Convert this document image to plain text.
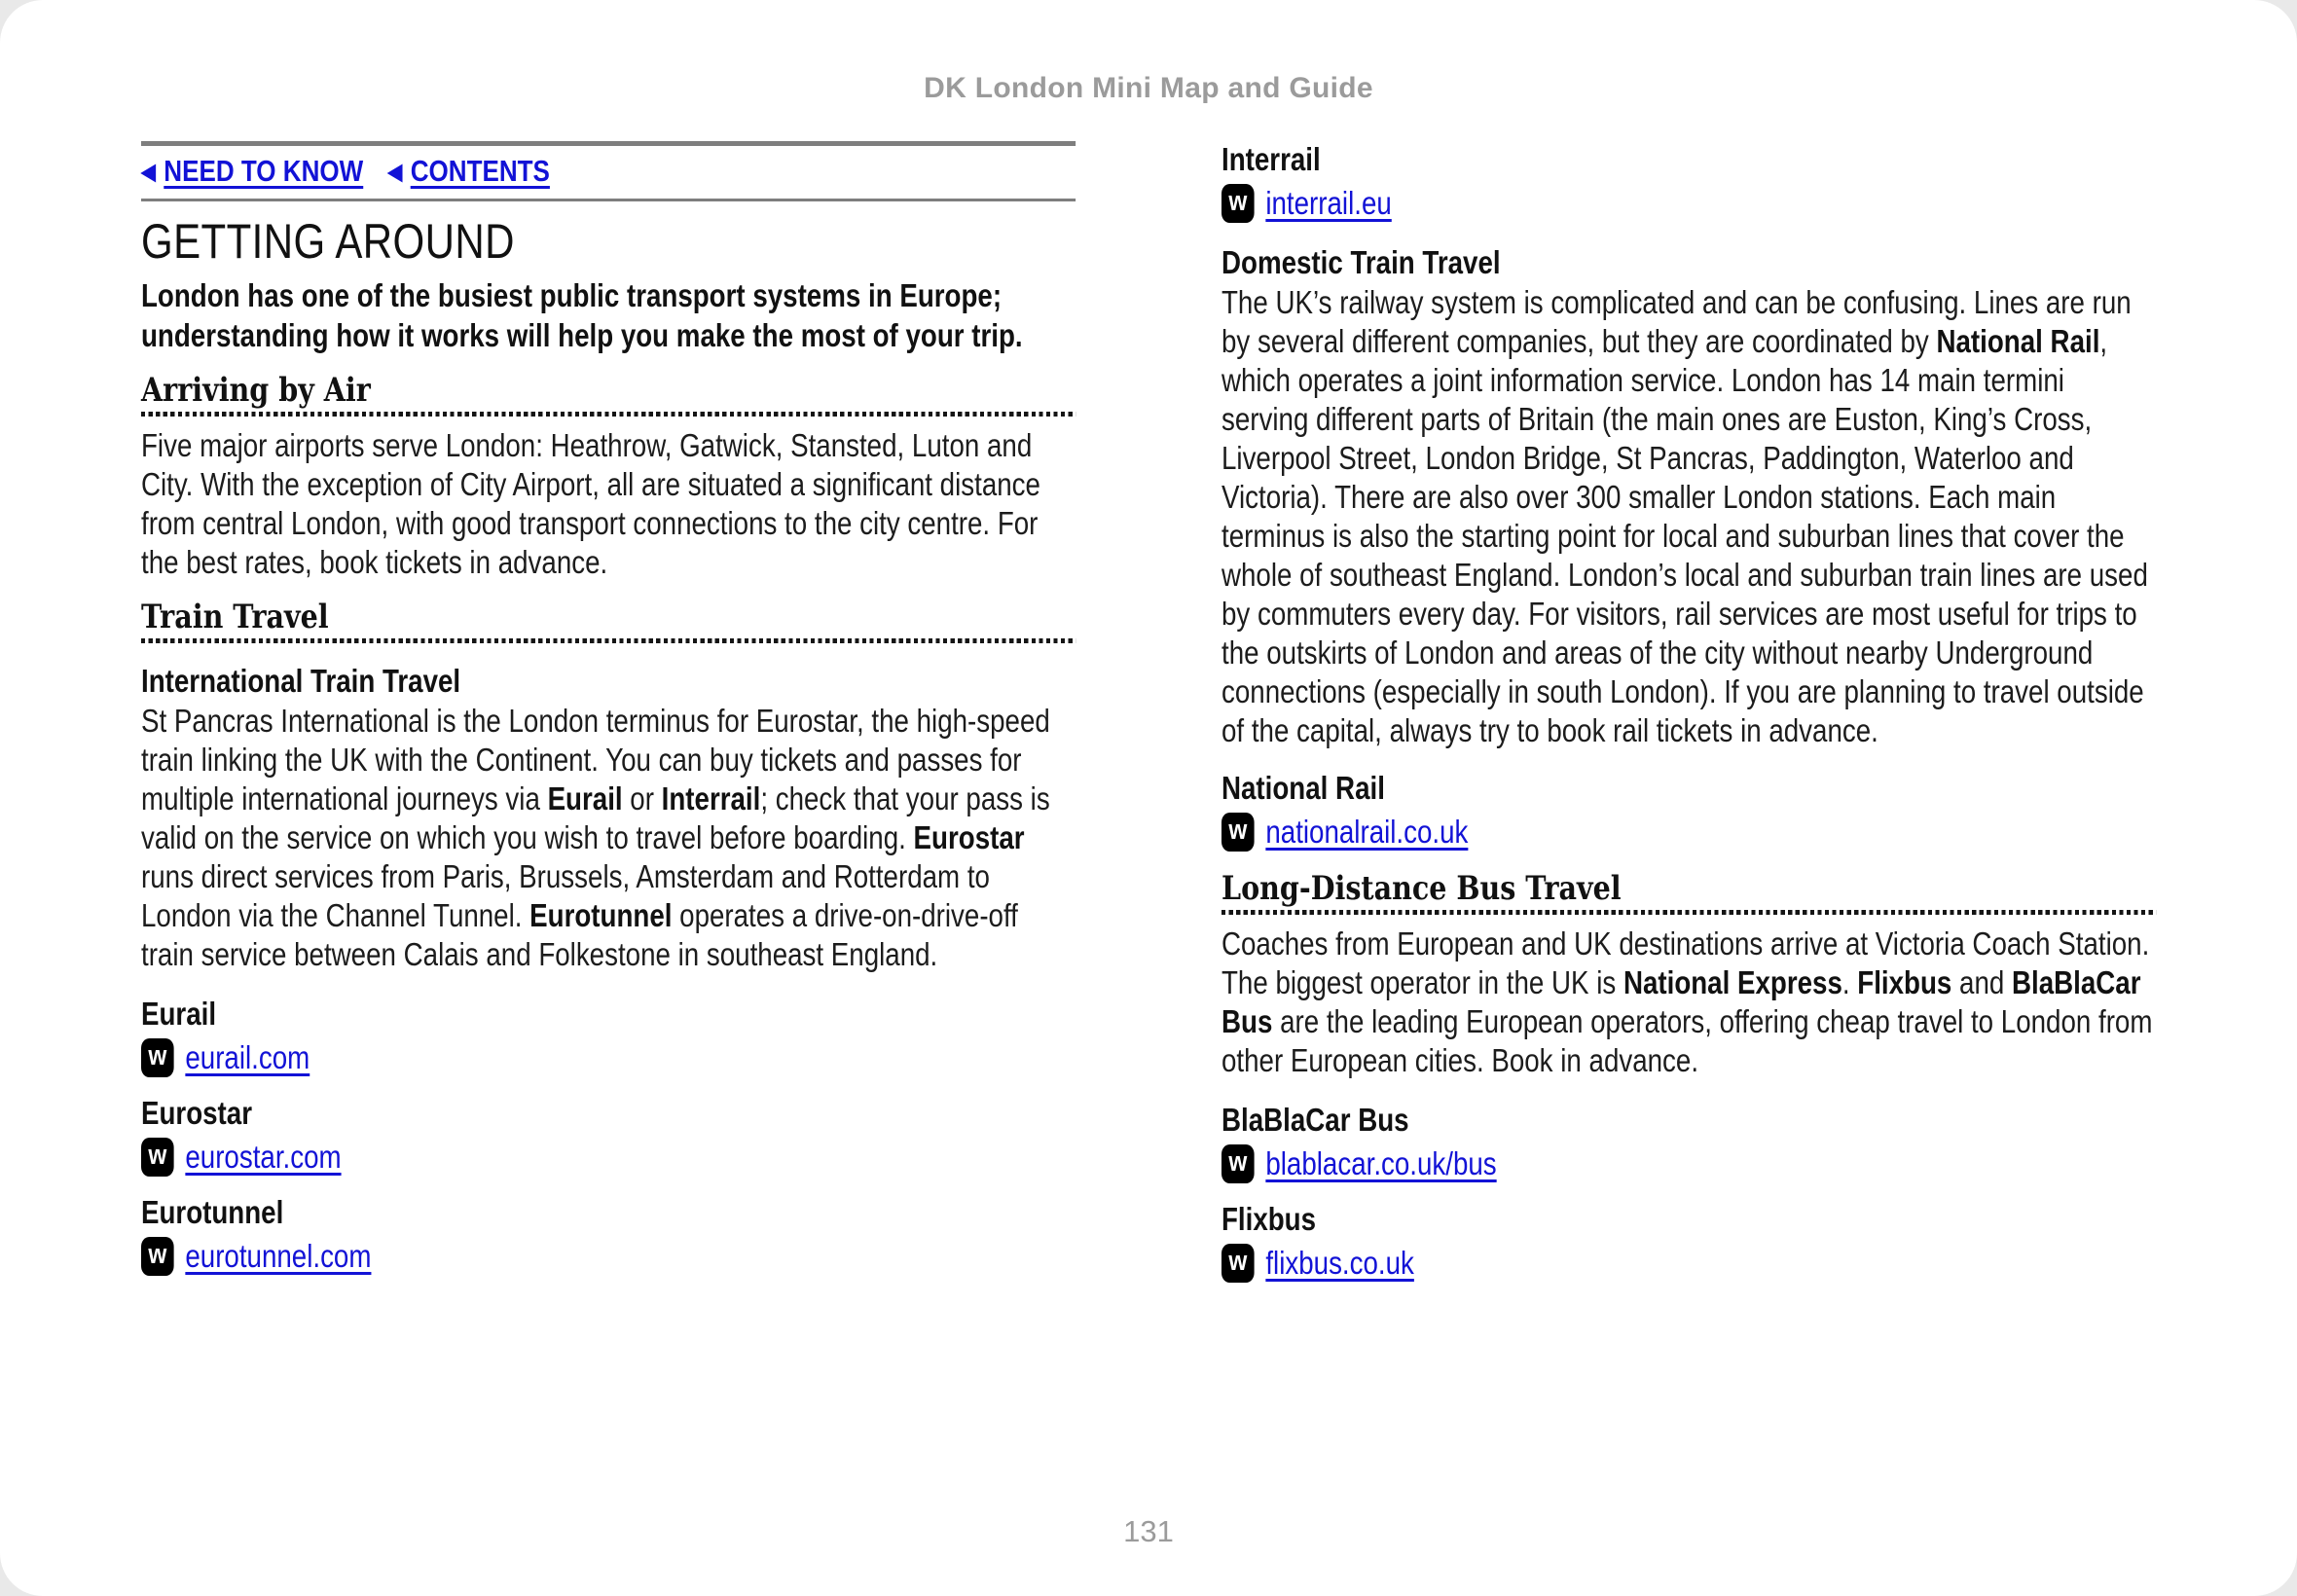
DK London Mini Map and Guide
◀ NEED TO KNOW ◀ CONTENTS
GETTING AROUND
London has one of the busiest public transport systems in Europe; understanding how it works will help you make the most of your trip.
Arriving by Air
Five major airports serve London: Heathrow, Gatwick, Stansted, Luton and City. With the exception of City Airport, all are situated a significant distance from central London, with good transport connections to the city centre. For the best rates, book tickets in advance.
Train Travel
International Train Travel
St Pancras International is the London terminus for Eurostar, the high-speed train linking the UK with the Continent. You can buy tickets and passes for multiple international journeys via Eurail or Interrail; check that your pass is valid on the service on which you wish to travel before boarding. Eurostar runs direct services from Paris, Brussels, Amsterdam and Rotterdam to London via the Channel Tunnel. Eurotunnel operates a drive-on-drive-off train service between Calais and Folkestone in southeast England.
Eurail
w eurail.com
Eurostar
w eurostar.com
Eurotunnel
w eurotunnel.com
Interrail
w interrail.eu
Domestic Train Travel
The UK’s railway system is complicated and can be confusing. Lines are run by several different companies, but they are coordinated by National Rail, which operates a joint information service. London has 14 main termini serving different parts of Britain (the main ones are Euston, King’s Cross, Liverpool Street, London Bridge, St Pancras, Paddington, Waterloo and Victoria). There are also over 300 smaller London stations. Each main terminus is also the starting point for local and suburban lines that cover the whole of southeast England. London’s local and suburban train lines are used by commuters every day. For visitors, rail services are most useful for trips to the outskirts of London and areas of the city without nearby Underground connections (especially in south London). If you are planning to travel outside of the capital, always try to book rail tickets in advance.
National Rail
w nationalrail.co.uk
Long-Distance Bus Travel
Coaches from European and UK destinations arrive at Victoria Coach Station. The biggest operator in the UK is National Express. Flixbus and BlaBlaCar Bus are the leading European operators, offering cheap travel to London from other European cities. Book in advance.
BlaBlaCar Bus
w blablacar.co.uk/bus
Flixbus
w flixbus.co.uk
131
